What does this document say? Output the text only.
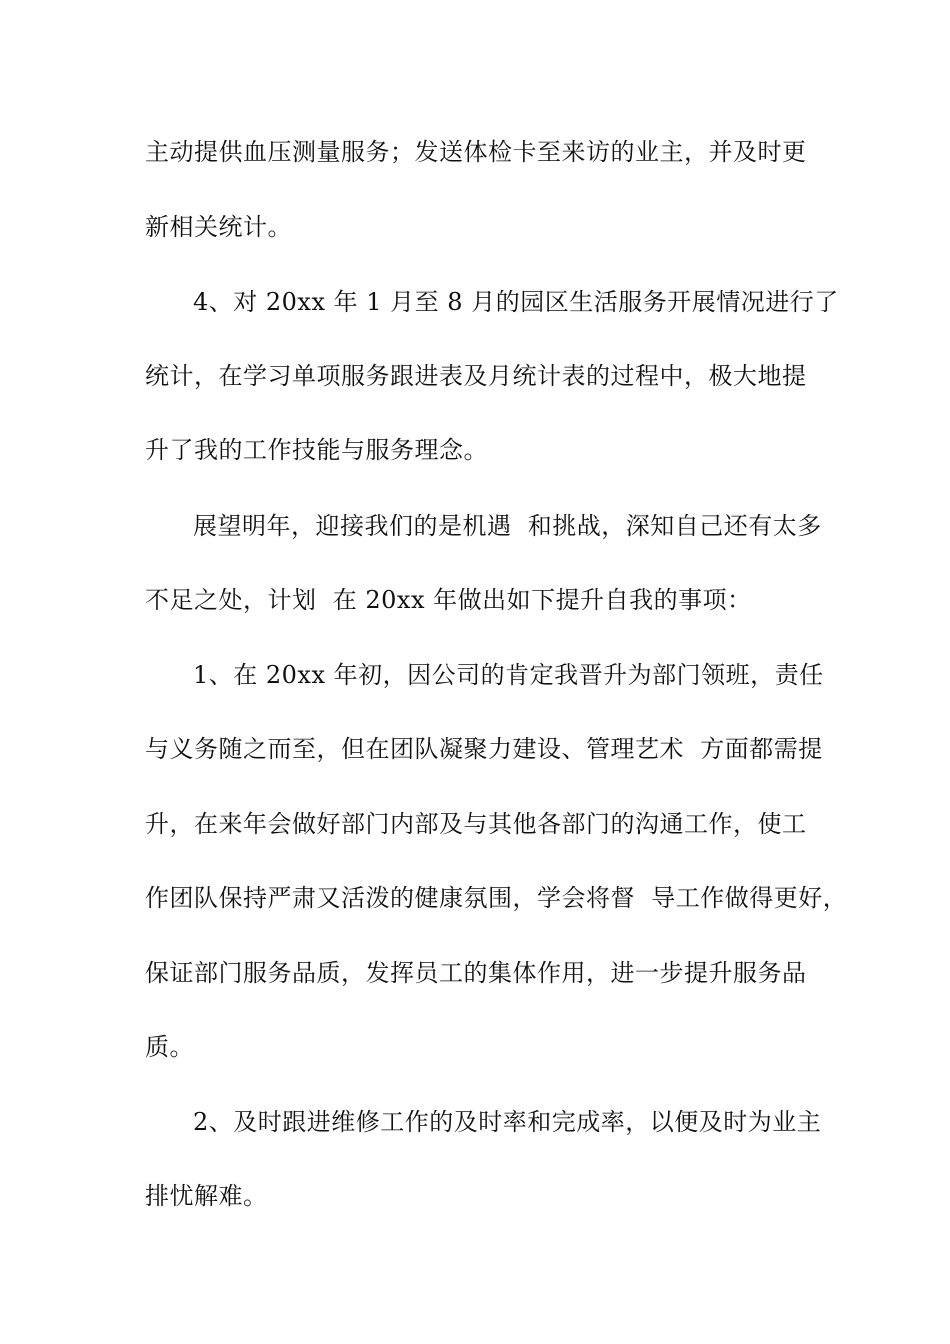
主动提供血压测量服务；发送体检卡至来访的业主，并及时更
新相关统计。
4、对 20xx 年 1 月至 8 月的园区生活服务开展情况进行了
统计，在学习单项服务跟进表及月统计表的过程中，极大地提
升了我的工作技能与服务理念。
展望明年，迎接我们的是机遇  和挑战，深知自己还有太多
不足之处，计划  在 20xx 年做出如下提升自我的事项：
1、在 20xx 年初，因公司的肯定我晋升为部门领班，责任
与义务随之而至，但在团队凝聚力建设、管理艺术  方面都需提
升，在来年会做好部门内部及与其他各部门的沟通工作，使工
作团队保持严肃又活泼的健康氛围，学会将督  导工作做得更好，
保证部门服务品质，发挥员工的集体作用，进一步提升服务品
质。
2、及时跟进维修工作的及时率和完成率，以便及时为业主
排忧解难。
